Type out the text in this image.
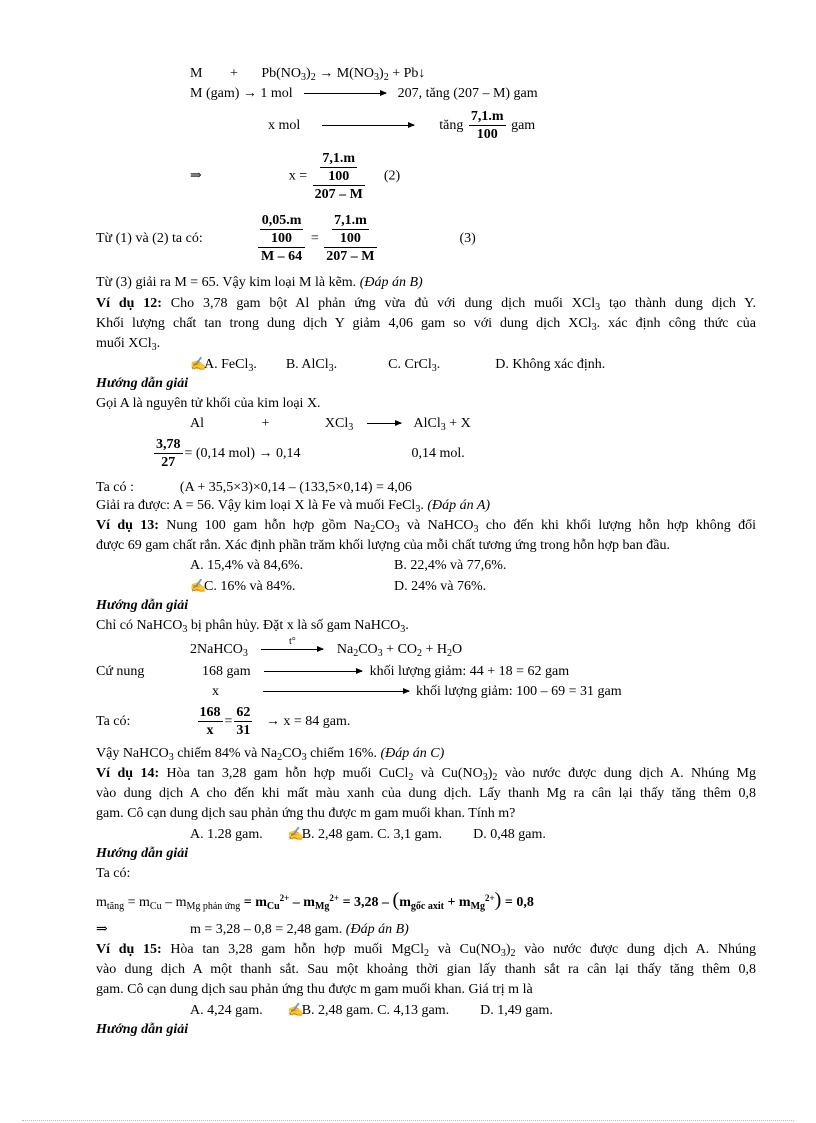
$M + Pb(NO_3)_2 \to M(NO_3)_2$ + Pb↓
M (gam) → 1 mol	207, tăng (207 – M) gam
x mol	tăng $\frac{7,1.m}{100}$ gam
⇒	$x = \frac{\frac{7,1.m}{100}}{207 - M} (2)$
Từ (1) và (2) ta có:	$\frac{\frac{0,05.m}{100}}{M - 64} = \frac{\frac{7,1.m}{100}}{207 - M}$	(3)
Từ (3) giải ra M = 65. Vậy kim loại M là kẽm. (Đáp án B)
Ví dụ 12: Cho 3,78 gam bột Al phản ứng vừa đủ với dung dịch muối XCl$_3$ tạo thành dung dịch Y.
Khối lượng chất tan trong dung dịch Y giảm 4,06 gam so với dung dịch XCl$_3$. xác định công thức của
muối XCl$_3$.
✍A. FeCl$_3$. B. AlCl$_3$.	C. CrCl$_3$.	D. Không xác định.
Hướng dẫn giải
Gọi A là nguyên tử khối của kim loại X.
Al	+	XCl$_3$	AlCl$_3$ + X
$\frac{3,78}{27} = (0,14$ mol) → 0,14	0,14 mol.
Ta có :	(A + 35,5×3)×0,14 – (133,5×0,14) = 4,06
Giải ra được: A = 56. Vậy kim loại X là Fe và muối FeCl$_3$. (Đáp án A)
Ví dụ 13: Nung 100 gam hỗn hợp gồm $Na_2CO_3$ và NaHCO$_3$ cho đến khi khối lượng hỗn hợp không đổi
được 69 gam chất rắn. Xác định phần trăm khối lượng của mỗi chất tương ứng trong hỗn hợp ban đầu.
A. 15,4% và 84,6%.	B. 22,4% và 77,6%.
✍C. 16% và 84%.	D. 24% và 76%.
Hướng dẫn giải
Chỉ có NaHCO$_3$ bị phân hủy. Đặt x là số gam NaHCO$_3$.
2NaHCO$_3$
t°
$Na_2CO_3 + CO_2 + H_2O$
Cứ nung	168 gam	khối lượng giảm: 44 + 18 = 62 gam
x	khối lượng giảm: 100 – 69 = 31 gam
Ta có:	$\frac{168}{x} = \frac{62}{31} \to x = 84$ gam.
Vậy NaHCO$_3$ chiếm 84% và $Na_2CO_3$ chiếm 16%. (Đáp án C)
Ví dụ 14: Hòa tan 3,28 gam hỗn hợp muối CuCl$_2$ và $Cu(NO_3)_2$ vào nước được dung dịch A. Nhúng Mg
vào dung dịch A cho đến khi mất màu xanh của dung dịch. Lấy thanh Mg ra cân lại thấy tăng thêm 0,8
gam. Cô cạn dung dịch sau phản ứng thu được m gam muối khan. Tính m?
A. 1.28 gam. ✍B. 2,48 gam. C. 3,1 gam. D. 0,48 gam.
Hướng dẫn giải
Ta có:
$m_{tăng} = m_{Cu} - m_{Mg phản ứng} = m_{Cu}^{2+} - m_{Mg}^{2+} = 3,28 - (m_{gốc axit} + m_{Mg}^{2+}) = 0,8$
⇒	m = 3,28 – 0,8 = 2,48 gam. (Đáp án B)
Ví dụ 15: Hòa tan 3,28 gam hỗn hợp muối MgCl$_2$ và $Cu(NO_3)_2$ vào nước được dung dịch A. Nhúng
vào dung dịch A một thanh sắt. Sau một khoảng thời gian lấy thanh sắt ra cân lại thấy tăng thêm 0,8
gam. Cô cạn dung dịch sau phản ứng thu được m gam muối khan. Giá trị m là
A. 4,24 gam. ✍B. 2,48 gam. C. 4,13 gam. D. 1,49 gam.
Hướng dẫn giải
